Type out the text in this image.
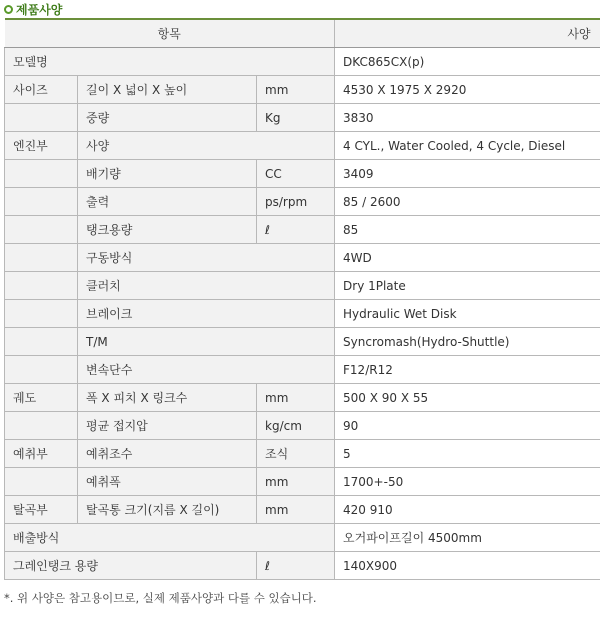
제품사양
항목			사양
모델명			DKC865CX(p)
사이즈	길이 X 넓이 X 높이	mm	4530 X 1975 X 2920
	중량	Kg	3830
엔진부	사양		4 CYL., Water Cooled, 4 Cycle, Diesel
	배기량	CC	3409
	출력	ps/rpm	85 / 2600
	탱크용량	ℓ	85
	구동방식		4WD
	클러치		Dry 1Plate
	브레이크		Hydraulic Wet Disk
	T/M		Syncromash(Hydro-Shuttle)
	변속단수		F12/R12
궤도	폭 X 피치 X 링크수	mm	500 X 90 X 55
	평균 접지압	kg/cm	90
예취부	예취조수	조식	5
	예취폭	mm	1700+-50
탈곡부	탈곡통 크기(지름 X 길이)	mm	420 910
배출방식			오거파이프길이 4500mm
그레인탱크 용량		ℓ	140X900
*. 위 사양은 참고용이므로, 실제 제품사양과 다를 수 있습니다.
